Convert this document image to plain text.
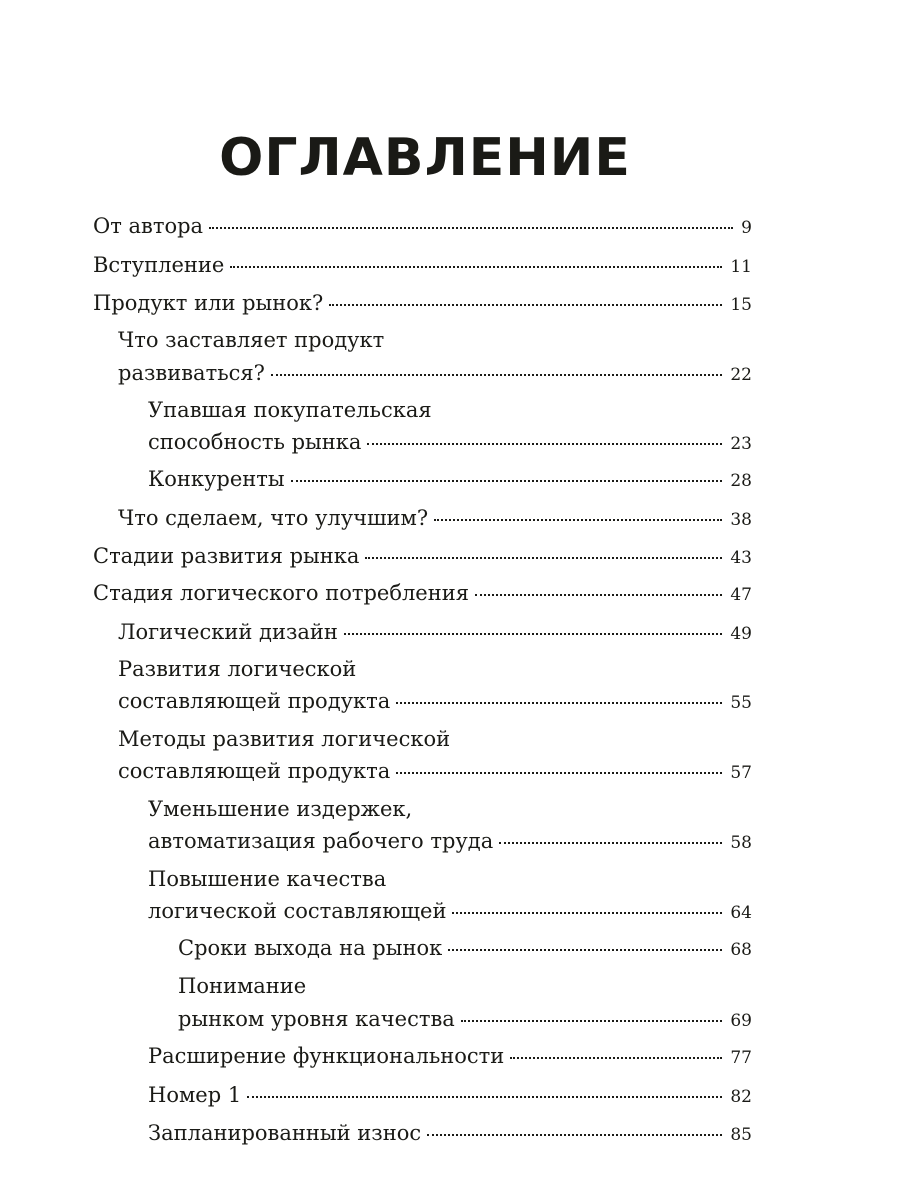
ОГЛАВЛЕНИЕ
От автора	9
Вступление	11
Продукт или рынок?	15
Что заставляет продукт
развиваться?	22
Упавшая покупательская
способность рынка	23
Конкуренты	28
Что сделаем, что улучшим?	38
Стадии развития рынка	43
Стадия логического потребления	47
Логический дизайн	49
Развития логической
составляющей продукта	55
Методы развития логической
составляющей продукта	57
Уменьшение издержек,
автоматизация рабочего труда	58
Повышение качества
логической составляющей	64
Сроки выхода на рынок	68
Понимание
рынком уровня качества	69
Расширение функциональности	77
Номер 1	82
Запланированный износ	85
